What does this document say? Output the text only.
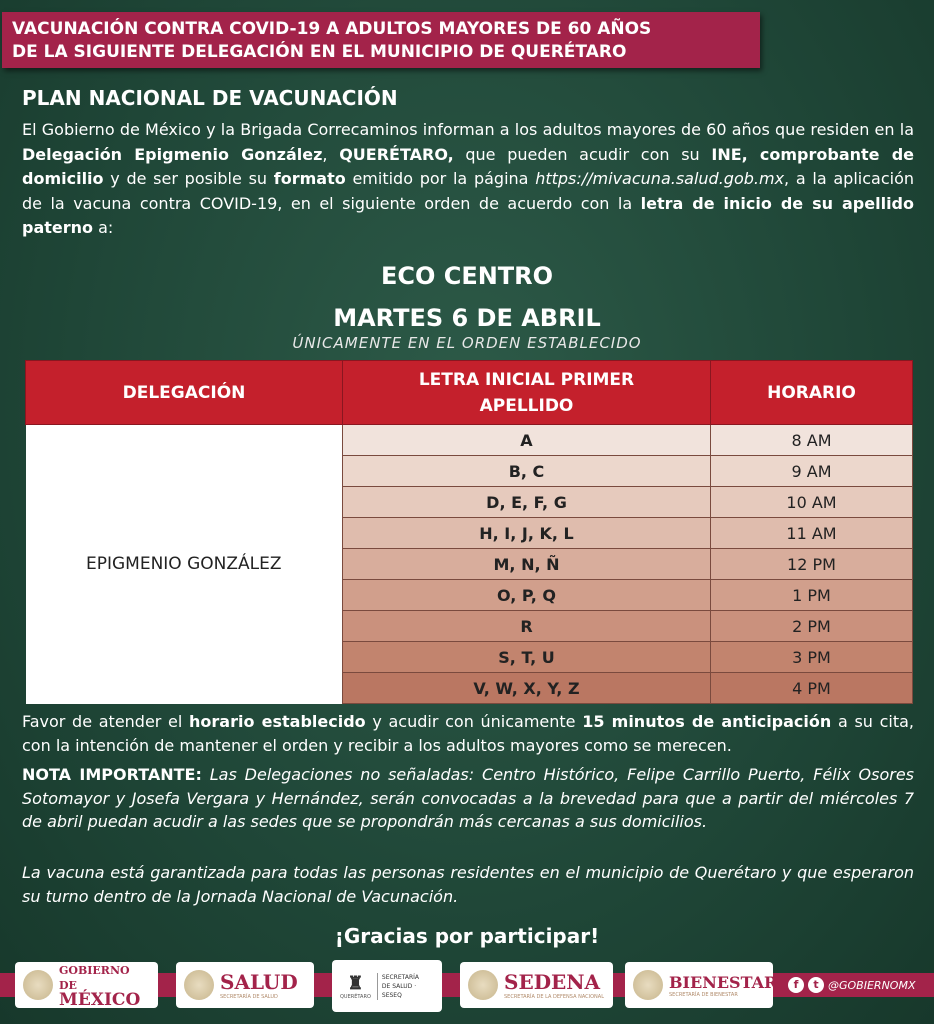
VACUNACIÓN CONTRA COVID-19 A ADULTOS MAYORES DE 60 AÑOS
DE LA SIGUIENTE DELEGACIÓN EN EL MUNICIPIO DE QUERÉTARO
PLAN NACIONAL DE VACUNACIÓN

El Gobierno de México y la Brigada Correcaminos informan a los adultos mayores de 60 años que residen en la Delegación Epigmenio González, QUERÉTARO, que pueden acudir con su INE, comprobante de domicilio y de ser posible su formato emitido por la página https://mivacuna.salud.gob.mx, a la aplicación de la vacuna contra COVID-19, en el siguiente orden de acuerdo con la letra de inicio de su apellido paterno a:

ECO CENTRO
MARTES 6 DE ABRIL
ÚNICAMENTE EN EL ORDEN ESTABLECIDO
DELEGACIÓN	LETRA INICIAL PRIMER APELLIDO	HORARIO
EPIGMENIO GONZÁLEZ	A	8 AM
	B, C	9 AM
	D, E, F, G	10 AM
	H, I, J, K, L	11 AM
	M, N, Ñ	12 PM
	O, P, Q	1 PM
	R	2 PM
	S, T, U	3 PM
	V, W, X, Y, Z	4 PM

Favor de atender el horario establecido y acudir con únicamente 15 minutos de anticipación a su cita, con la intención de mantener el orden y recibir a los adultos mayores como se merecen.

NOTA IMPORTANTE: Las Delegaciones no señaladas: Centro Histórico, Felipe Carrillo Puerto, Félix Osores Sotomayor y Josefa Vergara y Hernández, serán convocadas a la brevedad para que a partir del miércoles 7 de abril puedan acudir a las sedes que se propondrán más cercanas a sus domicilios.

La vacuna está garantizada para todas las personas residentes en el municipio de Querétaro y que esperaron su turno dentro de la Jornada Nacional de Vacunación.

¡Gracias por participar!
GOBIERNO DE
MÉXICO
SALUD
SECRETARÍA DE SALUD
♜
QUERÉTARO
SECRETARÍA
DE SALUD · SESEQ
SEDENA
SECRETARÍA DE LA DEFENSA NACIONAL
BIENESTAR
SECRETARÍA DE BIENESTAR
f	t @GOBIERNOMX
